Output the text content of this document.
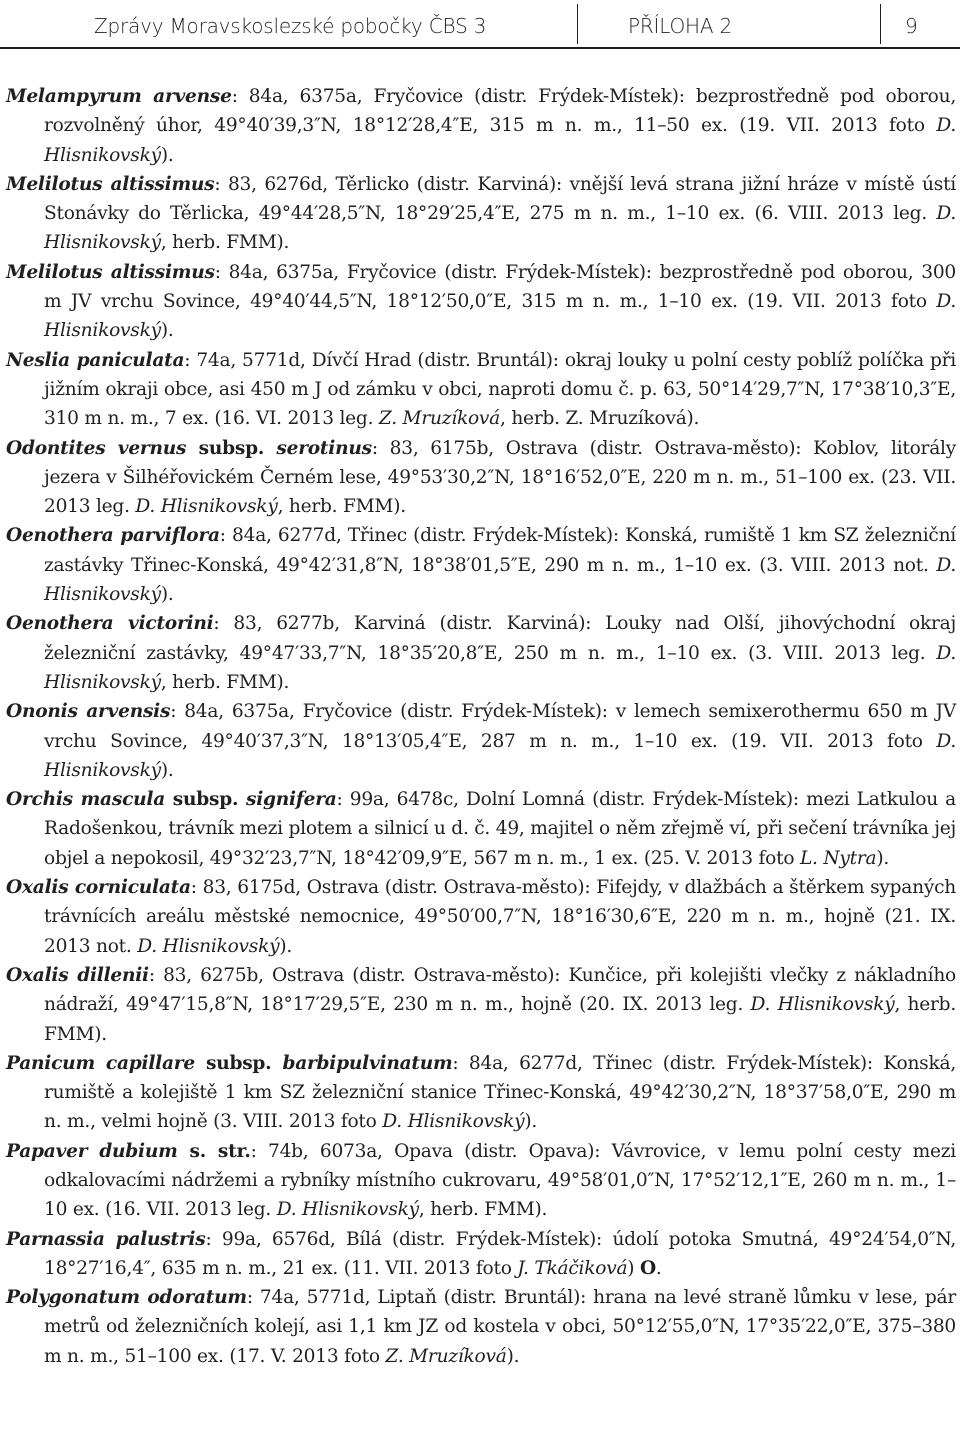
Zprávy Moravskoslezské pobočky ČBS 3	PŘÍLOHA 2	9

Melampyrum arvense: 84a, 6375a, Fryčovice (distr. Frýdek-Místek): bezprostředně pod oborou, rozvolněný úhor, 49°40′39,3″N, 18°12′28,4″E, 315 m n. m., 11–50 ex. (19. VII. 2013 foto D. Hlisnikovský).

Melilotus altissimus: 83, 6276d, Těrlicko (distr. Karviná): vnější levá strana jižní hráze v místě ústí Stonávky do Těrlicka, 49°44′28,5″N, 18°29′25,4″E, 275 m n. m., 1–10 ex. (6. VIII. 2013 leg. D. Hlisnikovský, herb. FMM).

Melilotus altissimus: 84a, 6375a, Fryčovice (distr. Frýdek-Místek): bezprostředně pod oborou, 300 m JV vrchu Sovince, 49°40′44,5″N, 18°12′50,0″E, 315 m n. m., 1–10 ex. (19. VII. 2013 foto D. Hlisnikovský).

Neslia paniculata: 74a, 5771d, Dívčí Hrad (distr. Bruntál): okraj louky u polní cesty poblíž políčka při jižním okraji obce, asi 450 m J od zámku v obci, naproti domu č. p. 63, 50°14′29,7″N, 17°38′10,3″E, 310 m n. m., 7 ex. (16. VI. 2013 leg. Z. Mruzíková, herb. Z. Mruzíková).

Odontites vernus subsp. serotinus: 83, 6175b, Ostrava (distr. Ostrava-město): Koblov, litorály jezera v Šilhéřovickém Černém lese, 49°53′30,2″N, 18°16′52,0″E, 220 m n. m., 51–100 ex. (23. VII. 2013 leg. D. Hlisnikovský, herb. FMM).

Oenothera parviflora: 84a, 6277d, Třinec (distr. Frýdek-Místek): Konská, rumiště 1 km SZ železniční zastávky Třinec-Konská, 49°42′31,8″N, 18°38′01,5″E, 290 m n. m., 1–10 ex. (3. VIII. 2013 not. D. Hlisnikovský).

Oenothera victorini: 83, 6277b, Karviná (distr. Karviná): Louky nad Olší, jihovýchodní okraj železniční zastávky, 49°47′33,7″N, 18°35′20,8″E, 250 m n. m., 1–10 ex. (3. VIII. 2013 leg. D. Hlisnikovský, herb. FMM).

Ononis arvensis: 84a, 6375a, Fryčovice (distr. Frýdek-Místek): v lemech semixerothermu 650 m JV vrchu Sovince, 49°40′37,3″N, 18°13′05,4″E, 287 m n. m., 1–10 ex. (19. VII. 2013 foto D. Hlisnikovský).

Orchis mascula subsp. signifera: 99a, 6478c, Dolní Lomná (distr. Frýdek-Místek): mezi Latkulou a Radošenkou, trávník mezi plotem a silnicí u d. č. 49, majitel o něm zřejmě ví, při sečení trávníka jej objel a nepokosil, 49°32′23,7″N, 18°42′09,9″E, 567 m n. m., 1 ex. (25. V. 2013 foto L. Nytra).

Oxalis corniculata: 83, 6175d, Ostrava (distr. Ostrava-město): Fifejdy, v dlažbách a štěrkem sypaných trávnících areálu městské nemocnice, 49°50′00,7″N, 18°16′30,6″E, 220 m n. m., hojně (21. IX. 2013 not. D. Hlisnikovský).

Oxalis dillenii: 83, 6275b, Ostrava (distr. Ostrava-město): Kunčice, při kolejišti vlečky z nákladního nádraží, 49°47′15,8″N, 18°17′29,5″E, 230 m n. m., hojně (20. IX. 2013 leg. D. Hlisnikovský, herb. FMM).

Panicum capillare subsp. barbipulvinatum: 84a, 6277d, Třinec (distr. Frýdek-Místek): Konská, rumiště a kolejiště 1 km SZ železniční stanice Třinec-Konská, 49°42′30,2″N, 18°37′58,0″E, 290 m n. m., velmi hojně (3. VIII. 2013 foto D. Hlisnikovský).

Papaver dubium s. str.: 74b, 6073a, Opava (distr. Opava): Vávrovice, v lemu polní cesty mezi odkalovacími nádržemi a rybníky místního cukrovaru, 49°58′01,0″N, 17°52′12,1″E, 260 m n. m., 1–10 ex. (16. VII. 2013 leg. D. Hlisnikovský, herb. FMM).

Parnassia palustris: 99a, 6576d, Bílá (distr. Frýdek-Místek): údolí potoka Smutná, 49°24′54,0″N, 18°27′16,4″, 635 m n. m., 21 ex. (11. VII. 2013 foto J. Tkáčiková) O.

Polygonatum odoratum: 74a, 5771d, Liptaň (distr. Bruntál): hrana na levé straně lůmku v lese, pár metrů od železničních kolejí, asi 1,1 km JZ od kostela v obci, 50°12′55,0″N, 17°35′22,0″E, 375–380 m n. m., 51–100 ex. (17. V. 2013 foto Z. Mruzíková).
